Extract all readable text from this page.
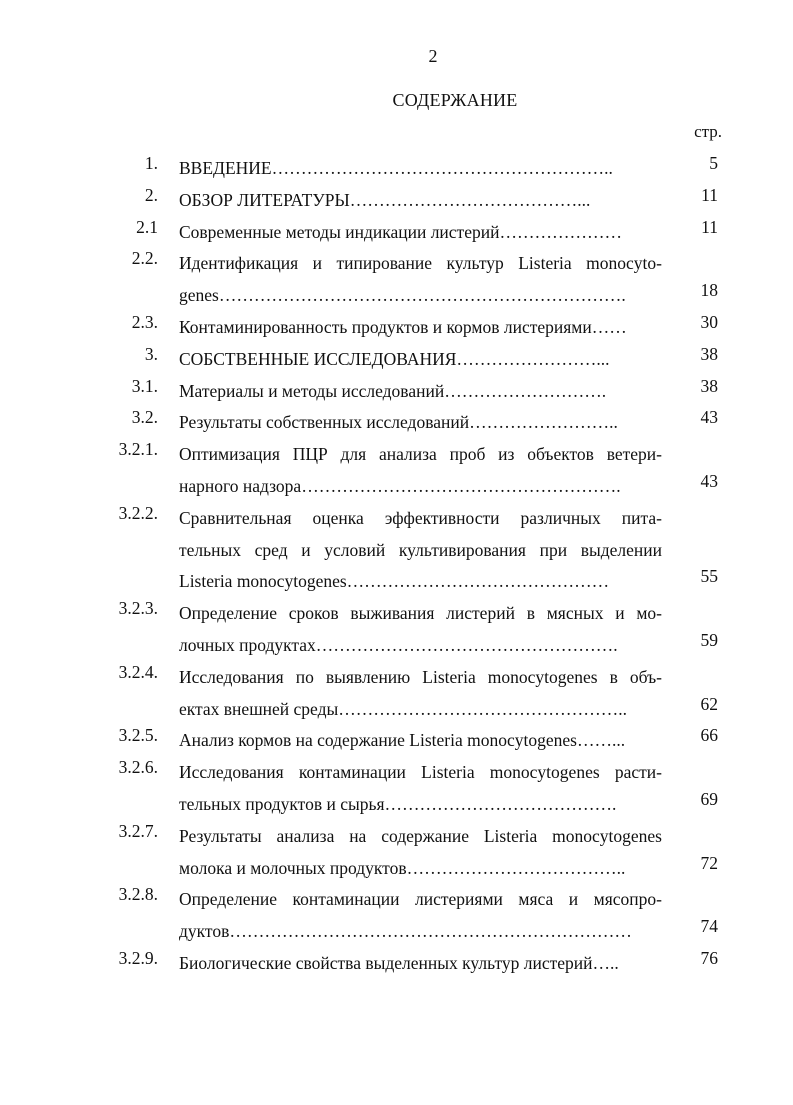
2
СОДЕРЖАНИЕ
стр.
1. ВВЕДЕНИЕ…………………………………………………..	5
2. ОБЗОР ЛИТЕРАТУРЫ…………………………………...	11
2.1 Современные методы индикации листерий…………………	11
2.2. Идентификация и типирование культур Listeria monocyto-
genes…………………………………………………………….	18
2.3. Контаминированность продуктов и кормов листериями……	30
3. СОБСТВЕННЫЕ ИССЛЕДОВАНИЯ……………………...	38
3.1. Материалы и методы исследований……………………….	38
3.2. Результаты собственных исследований……………………..	43
3.2.1. Оптимизация ПЦР для анализа проб из объектов ветери-
нарного надзора……………………………………………….	43
3.2.2. Сравнительная оценка эффективности различных пита-
тельных сред и условий культивирования при выделении
Listeria monocytogenes………………………………………	55
3.2.3. Определение сроков выживания листерий в мясных и мо-
лочных продуктах…………………………………………….	59
3.2.4. Исследования по выявлению Listeria monocytogenes в объ-
ектах внешней среды…………………………………………..	62
3.2.5. Анализ кормов на содержание Listeria monocytogenes……...	66
3.2.6. Исследования контаминации Listeria monocytogenes расти-
тельных продуктов и сырья………………………………….	69
3.2.7. Результаты анализа на содержание Listeria monocytogenes
молока и молочных продуктов………………………………..	72
3.2.8. Определение контаминации листериями мяса и мясопро-
дуктов……………………………………………………………	74
3.2.9. Биологические свойства выделенных культур листерий…..	76
